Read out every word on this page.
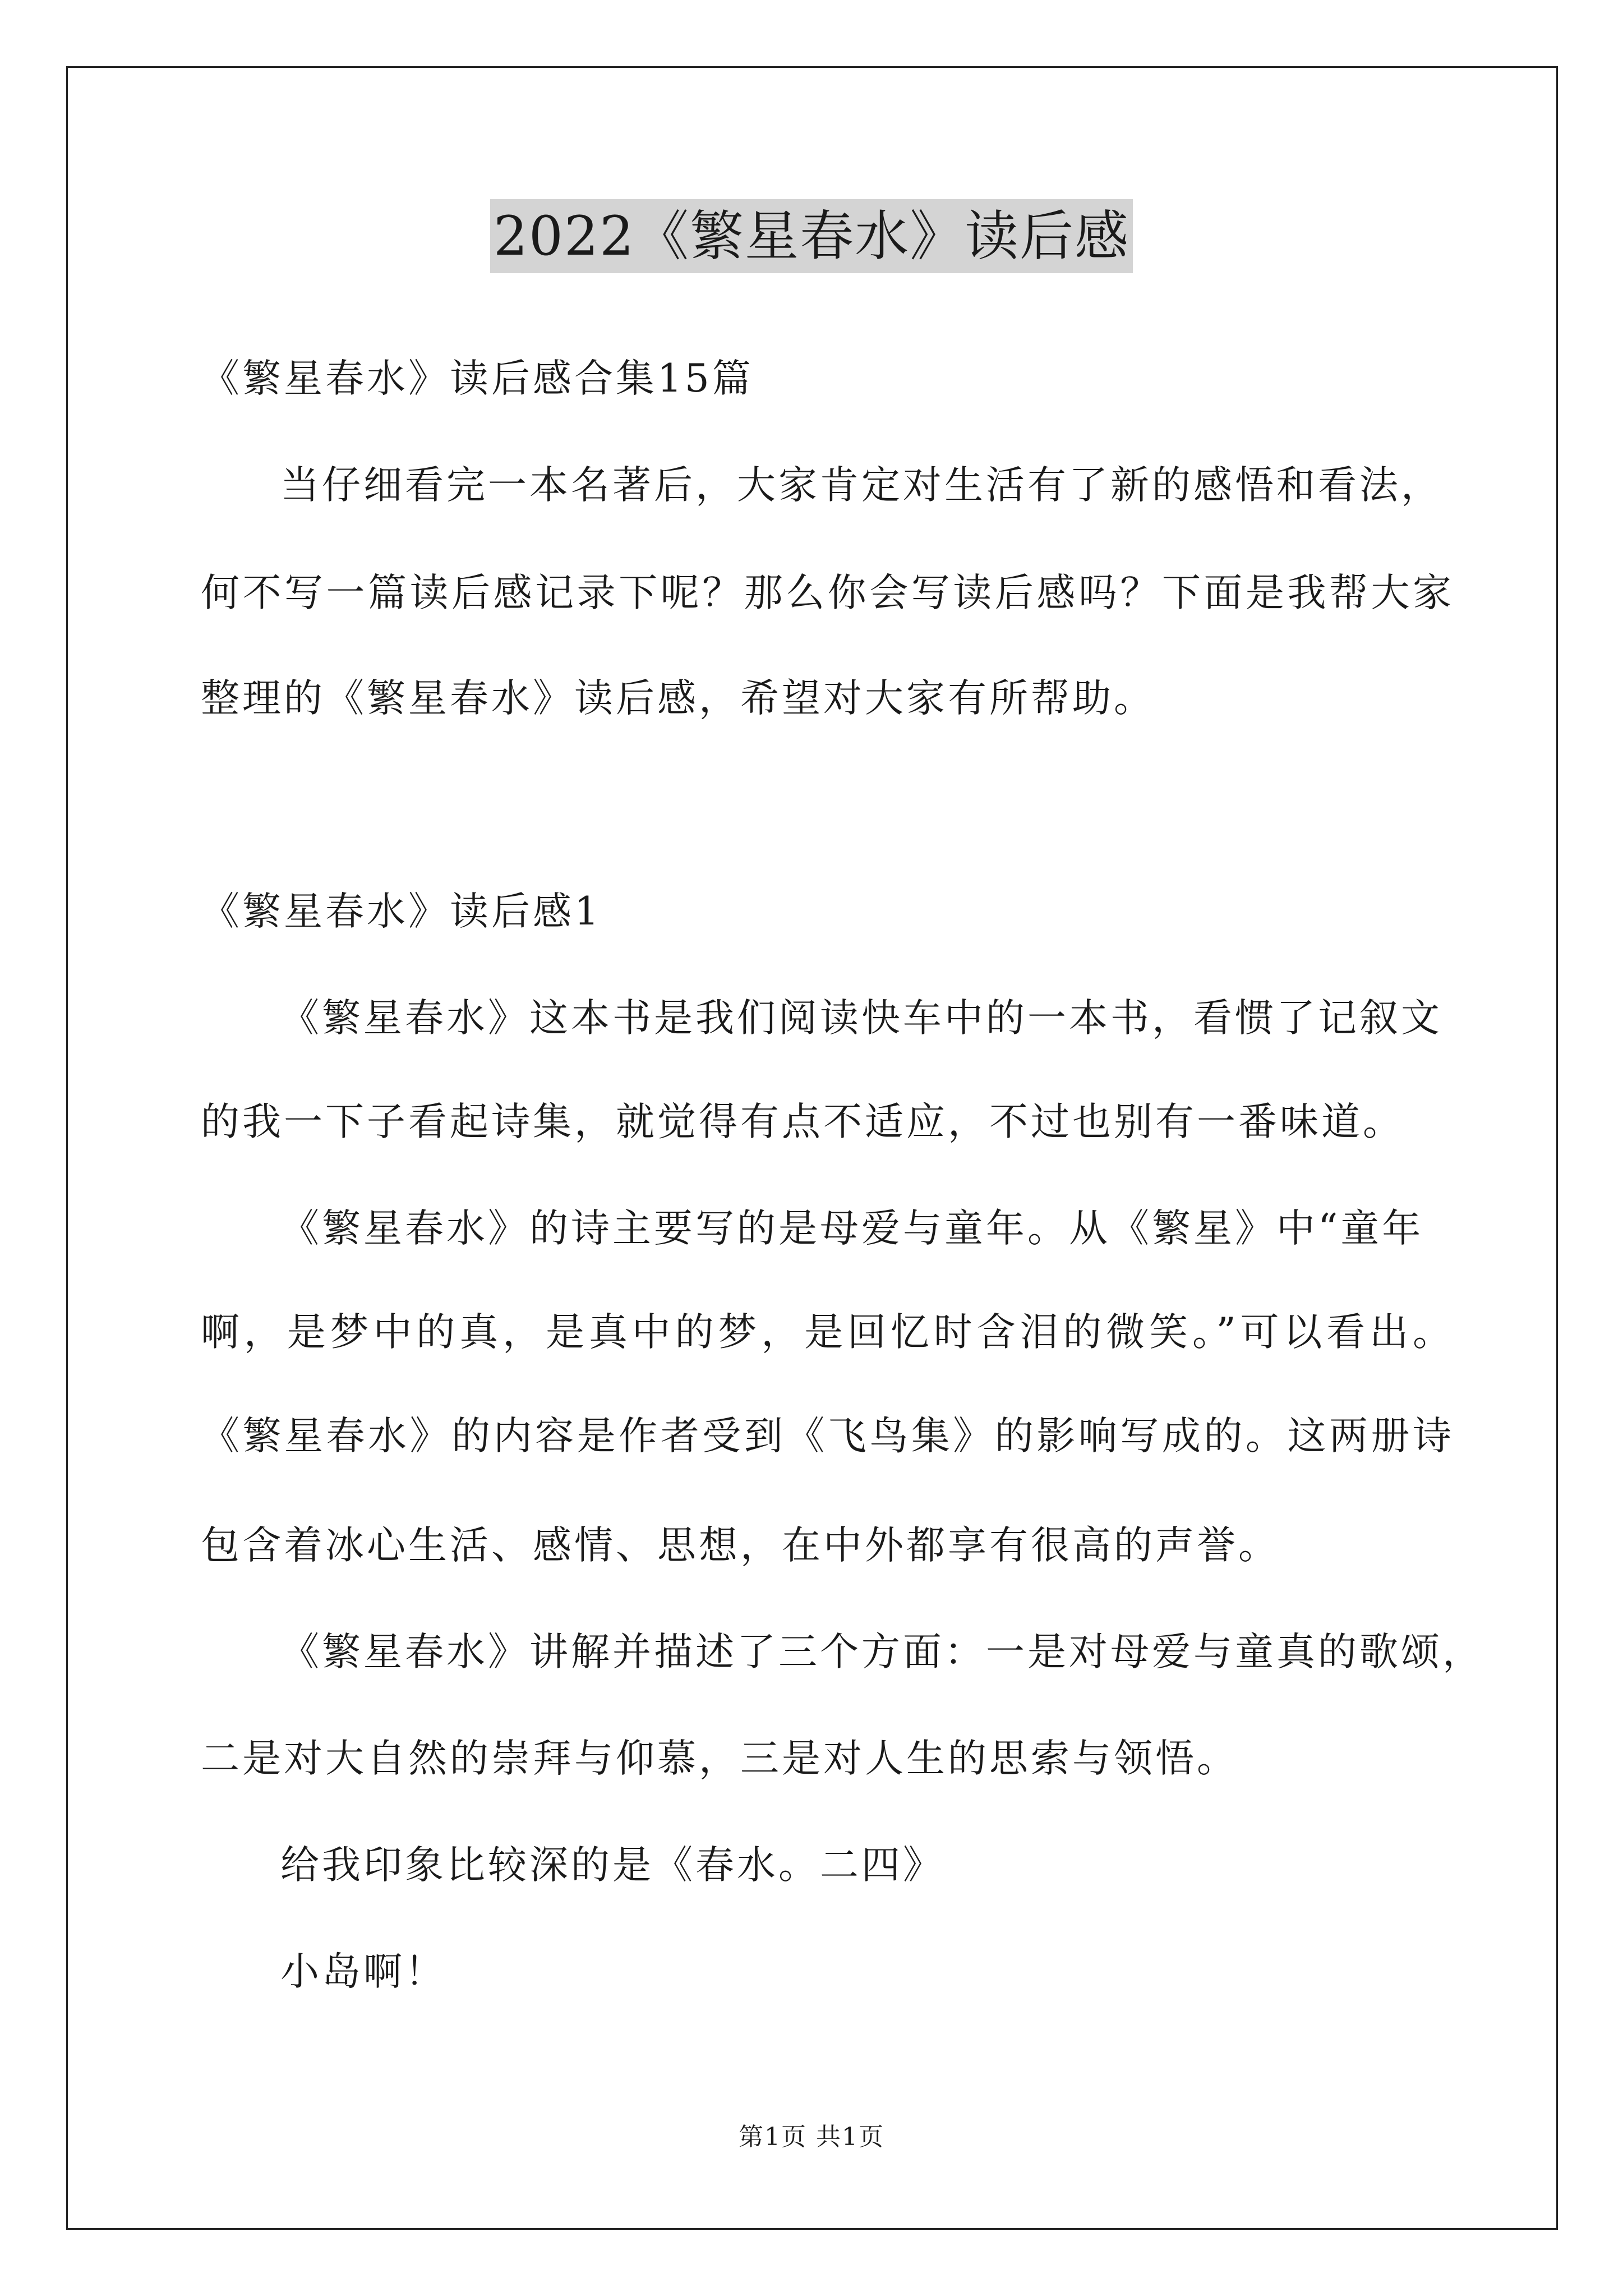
2022《繁星春水》读后感
《繁星春水》读后感合集15篇
当仔细看完一本名著后，大家肯定对生活有了新的感悟和看法，
何不写一篇读后感记录下呢？那么你会写读后感吗？下面是我帮大家
整理的《繁星春水》读后感，希望对大家有所帮助。
《繁星春水》读后感1
《繁星春水》这本书是我们阅读快车中的一本书，看惯了记叙文
的我一下子看起诗集，就觉得有点不适应，不过也别有一番味道。
《繁星春水》的诗主要写的是母爱与童年。从《繁星》中“童年
啊，是梦中的真，是真中的梦，是回忆时含泪的微笑。”可以看出。
《繁星春水》的内容是作者受到《飞鸟集》的影响写成的。这两册诗
包含着冰心生活、感情、思想，在中外都享有很高的声誉。
《繁星春水》讲解并描述了三个方面：一是对母爱与童真的歌颂，
二是对大自然的崇拜与仰慕，三是对人生的思索与领悟。
给我印象比较深的是《春水。二四》
小岛啊！
第1页 共1页
